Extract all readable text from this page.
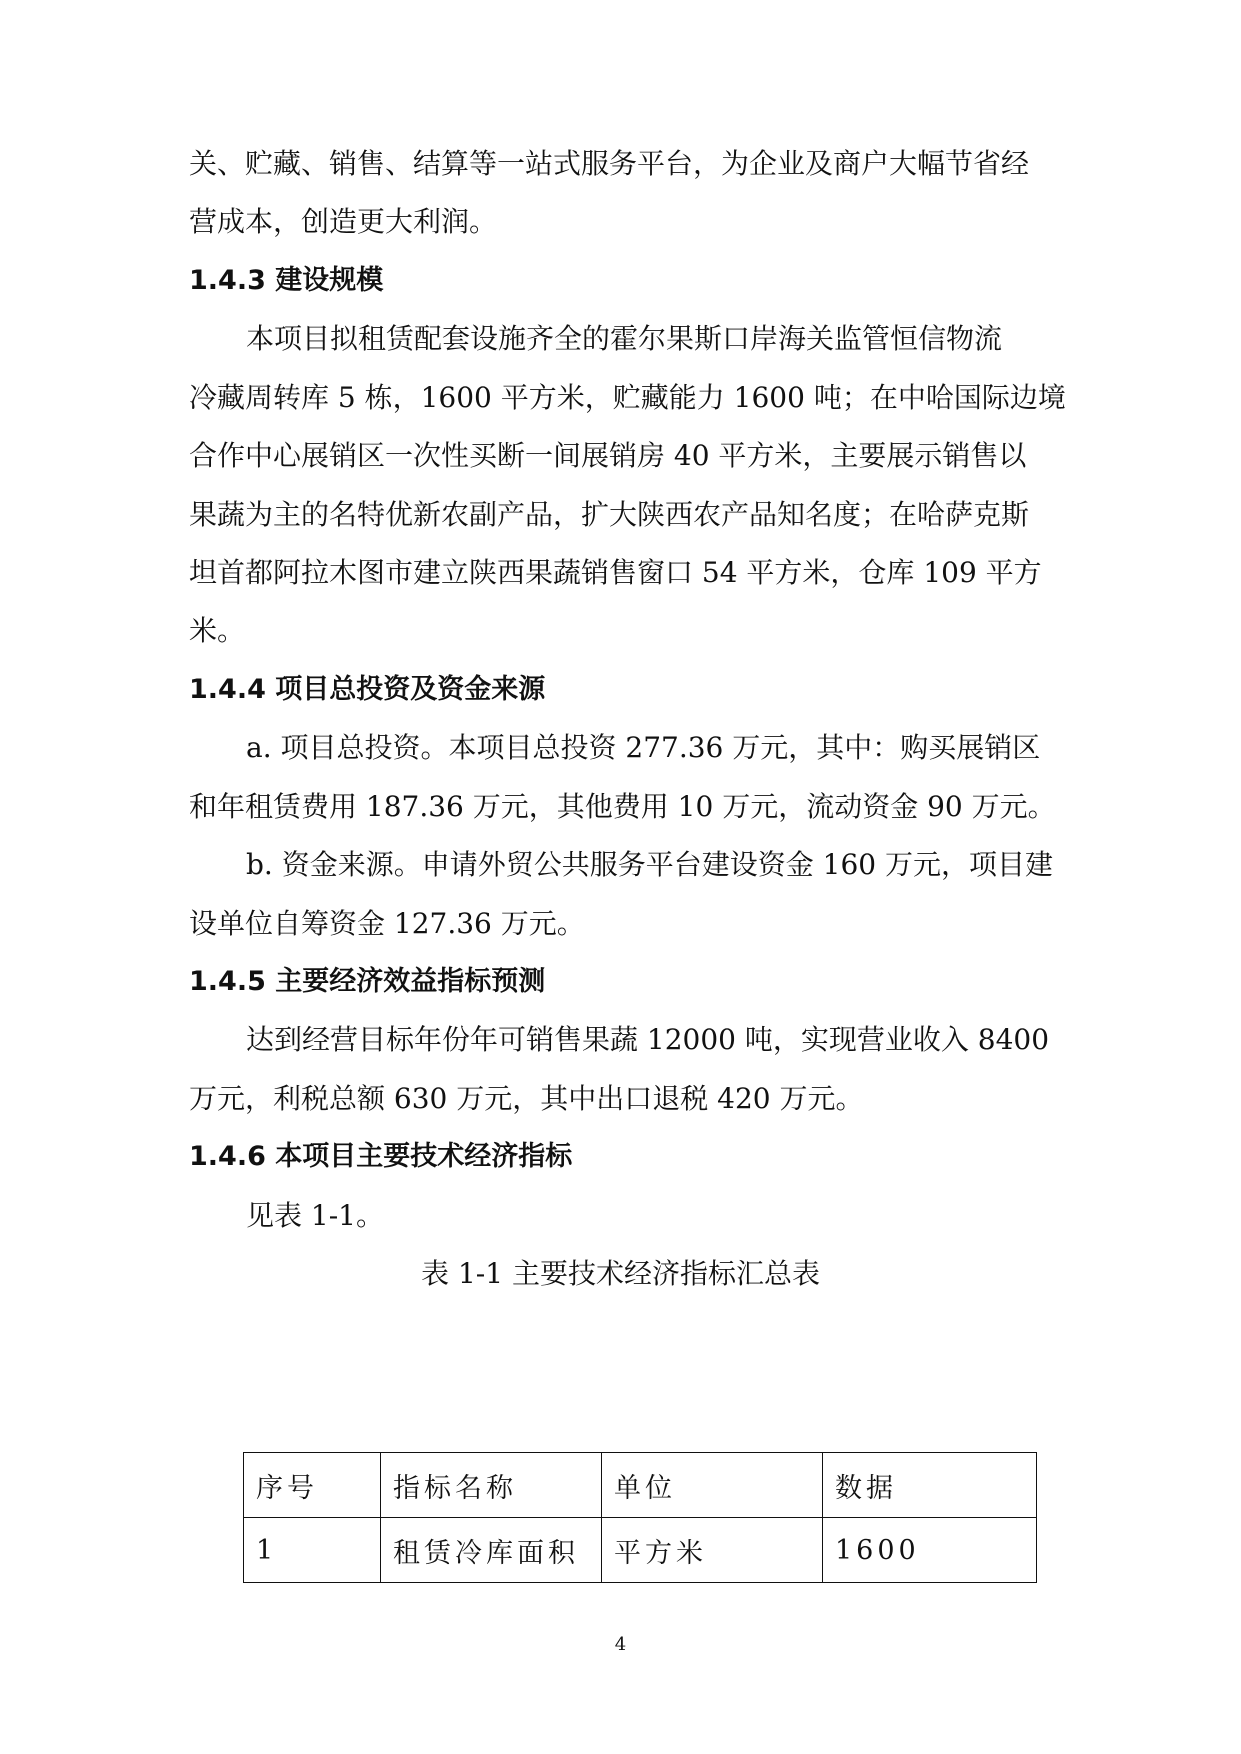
关、贮藏、销售、结算等一站式服务平台，为企业及商户大幅节省经

营成本，创造更大利润。

1.4.3 建设规模

本项目拟租赁配套设施齐全的霍尔果斯口岸海关监管恒信物流

冷藏周转库 5 栋，1600 平方米，贮藏能力 1600 吨；在中哈国际边境

合作中心展销区一次性买断一间展销房 40 平方米，主要展示销售以

果蔬为主的名特优新农副产品，扩大陕西农产品知名度；在哈萨克斯

坦首都阿拉木图市建立陕西果蔬销售窗口 54 平方米，仓库 109 平方

米。

1.4.4 项目总投资及资金来源

a. 项目总投资。本项目总投资 277.36 万元，其中：购买展销区

和年租赁费用 187.36 万元，其他费用 10 万元，流动资金 90 万元。

b. 资金来源。申请外贸公共服务平台建设资金 160 万元，项目建

设单位自筹资金 127.36 万元。

1.4.5 主要经济效益指标预测

达到经营目标年份年可销售果蔬 12000 吨，实现营业收入 8400

万元，利税总额 630 万元，其中出口退税 420 万元。

1.4.6 本项目主要技术经济指标

见表 1-1。

表 1-1 主要技术经济指标汇总表

序号	指标名称	单位	数据
1	租赁冷库面积	平方米	1600

4
